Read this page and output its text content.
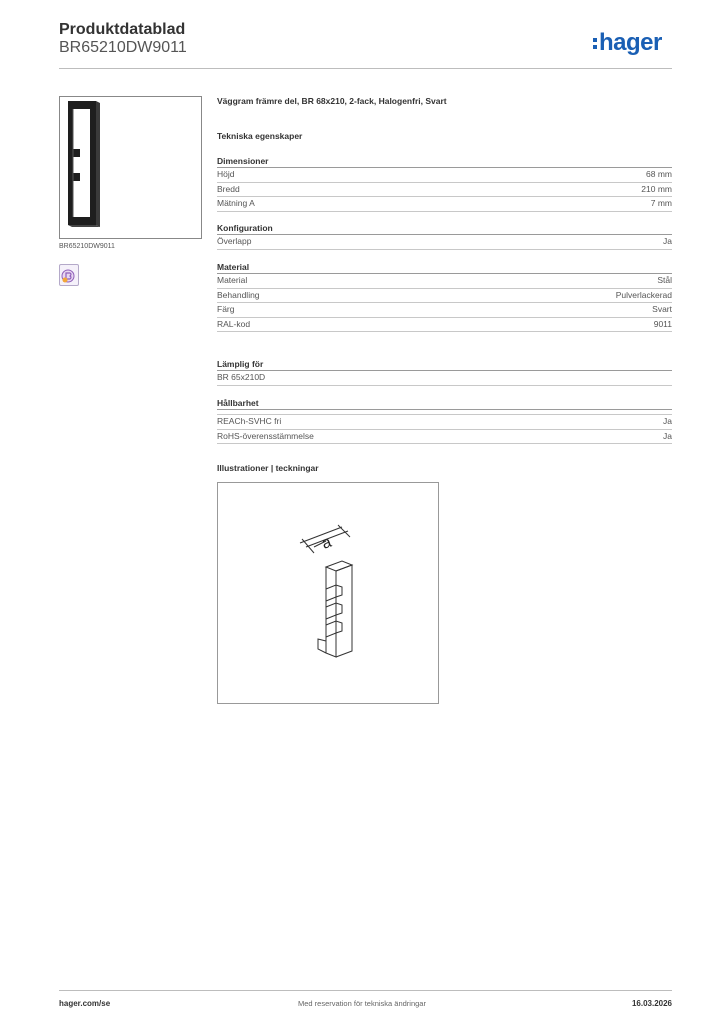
Produktdatablad
BR65210DW9011	hager
BR65210DW9011
Väggram främre del, BR 68x210, 2-fack, Halogenfri, Svart
Tekniska egenskaper
Dimensioner
Höjd	68 mm
Bredd	210 mm
Mätning A	7 mm
Konfiguration
Överlapp	Ja
Material
Material	Stål
Behandling	Pulverlackerad
Färg	Svart
RAL-kod	9011
Lämplig för
BR 65x210D
Hållbarhet
REACh-SVHC fri	Ja
RoHS-överensstämmelse	Ja
Illustrationer | teckningar
a
hager.com/se	Med reservation för tekniska ändringar	16.03.2026
